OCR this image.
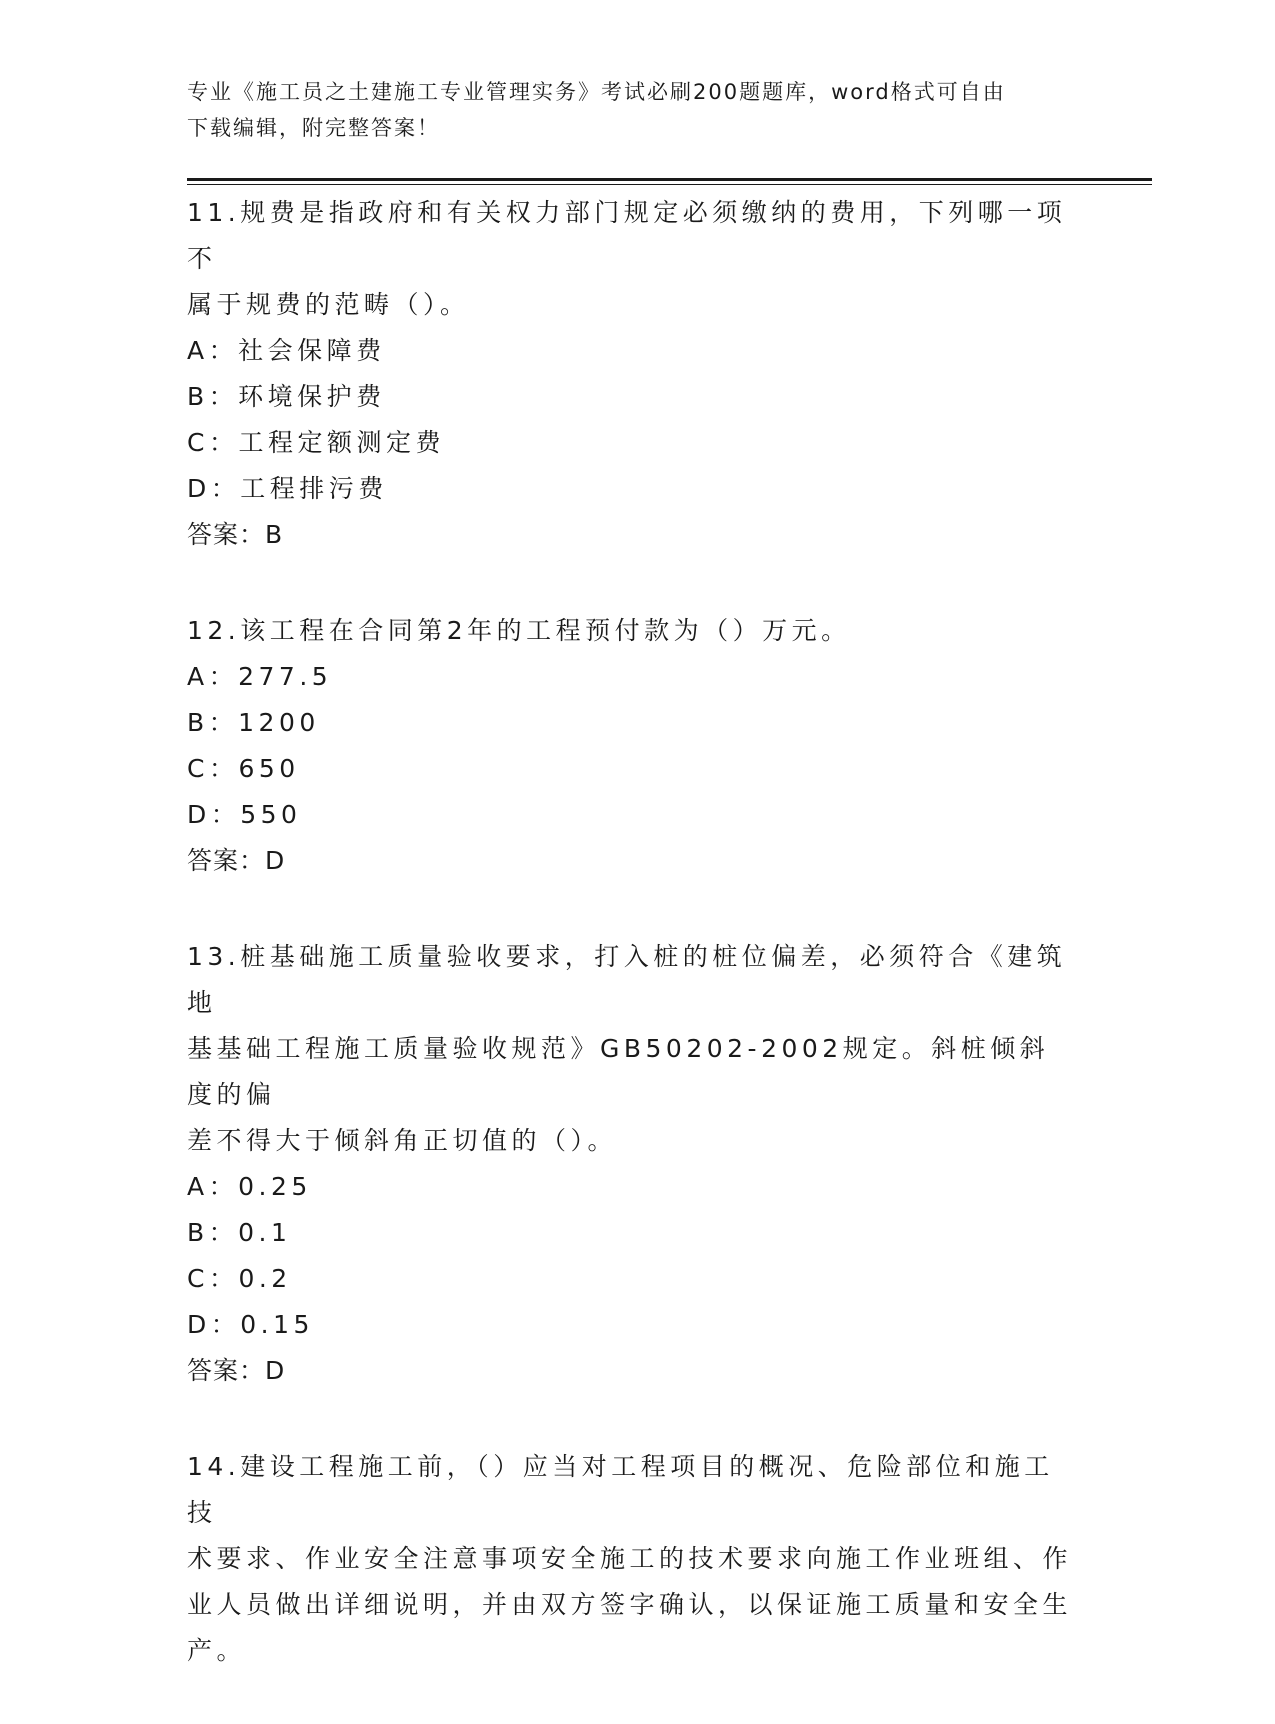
专业《施工员之土建施工专业管理实务》考试必刷200题题库，word格式可自由
下载编辑，附完整答案！

11.规费是指政府和有关权力部门规定必须缴纳的费用，下列哪一项不

属于规费的范畴（）。

A：社会保障费

B：环境保护费

C：工程定额测定费

D：工程排污费

答案：B

12.该工程在合同第2年的工程预付款为（）万元。

A：277.5

B：1200

C：650

D：550

答案：D

13.桩基础施工质量验收要求，打入桩的桩位偏差，必须符合《建筑地

基基础工程施工质量验收规范》GB50202-2002规定。斜桩倾斜度的偏

差不得大于倾斜角正切值的（）。

A：0.25

B：0.1

C：0.2

D：0.15

答案：D

14.建设工程施工前，（）应当对工程项目的概况、危险部位和施工技

术要求、作业安全注意事项安全施工的技术要求向施工作业班组、作

业人员做出详细说明，并由双方签字确认，以保证施工质量和安全生

产。
